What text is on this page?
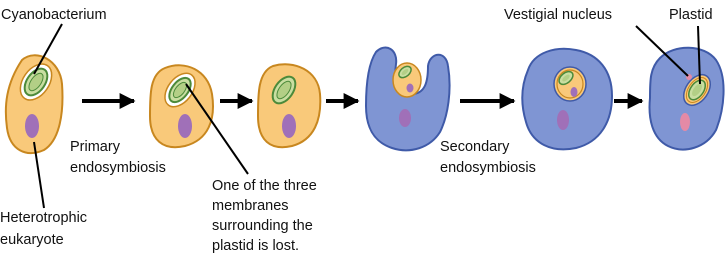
Cyanobacterium
Heterotrophic
eukaryote
Primary
endosymbiosis
One of the three
membranes
surrounding the
plastid is lost.
Secondary
endosymbiosis
Vestigial nucleus	Plastid
